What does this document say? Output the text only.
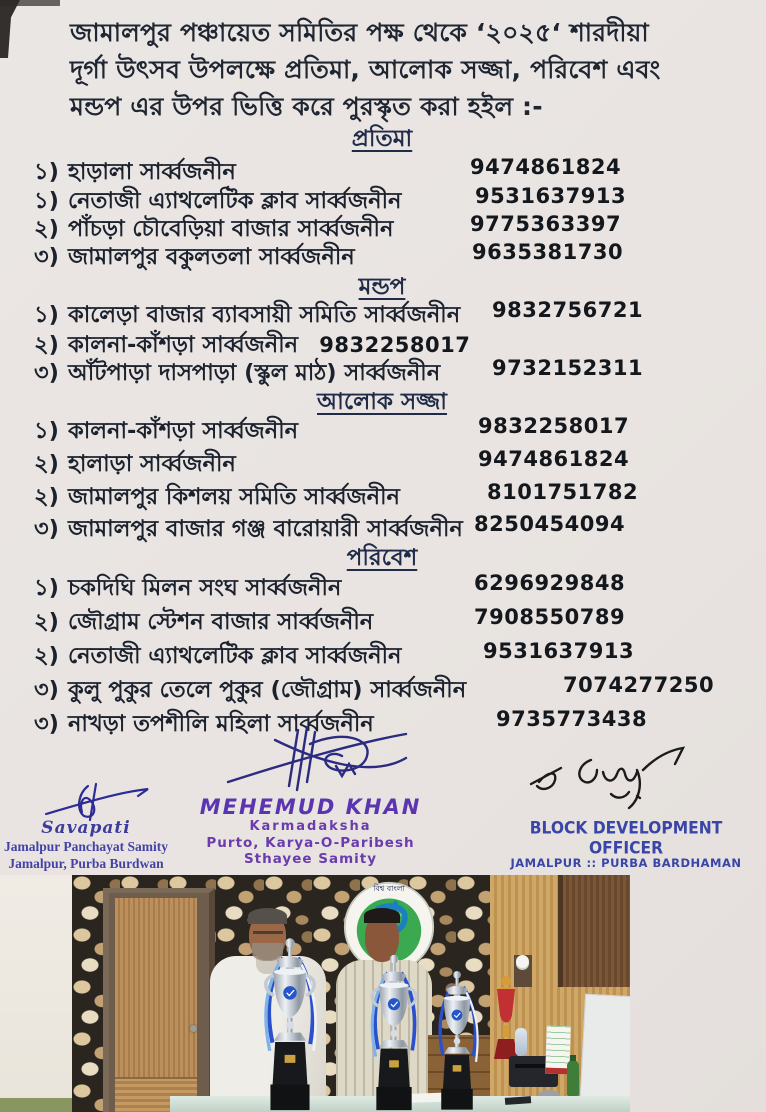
জামালপুর পঞ্চায়েত সমিতির পক্ষ থেকে ‘২০২৫‘ শারদীয়া
দূর্গা উৎসব উপলক্ষে প্রতিমা, আলোক সজ্জা, পরিবেশ এবং
মন্ডপ এর উপর ভিত্তি করে পুরস্কৃত করা হইল :-
প্রতিমা
১) হাড়ালা সার্ব্বজনীন	9474861824
১) নেতাজী এ্যাথলেটিক ক্লাব সার্ব্বজনীন	9531637913
২) পাঁচড়া চৌবেড়িয়া বাজার সার্ব্বজনীন	9775363397
৩) জামালপুর বকুলতলা সার্ব্বজনীন	9635381730
মন্ডপ
১) কালেড়া বাজার ব্যাবসায়ী সমিতি সার্ব্বজনীন 9832756721
২) কালনা-কাঁশড়া সার্ব্বজনীন 9832258017
৩) আঁটপাড়া দাসপাড়া (স্কুল মাঠ) সার্ব্বজনীন 9732152311
আলোক সজ্জা
১) কালনা-কাঁশড়া সার্ব্বজনীন	9832258017
২) হালাড়া সার্ব্বজনীন	9474861824
২) জামালপুর কিশলয় সমিতি সার্ব্বজনীন	8101751782
৩) জামালপুর বাজার গঞ্জ বারোয়ারী সার্ব্বজনীন 8250454094
পরিবেশ
১) চকদিঘি মিলন সংঘ সার্ব্বজনীন	6296929848
২) জৌগ্রাম স্টেশন বাজার সার্ব্বজনীন	7908550789
২) নেতাজী এ্যাথলেটিক ক্লাব সার্ব্বজনীন	9531637913
৩) কুলু পুকুর তেলে পুকুর (জৌগ্রাম) সার্ব্বজনীন	7074277250
৩) নাখড়া তপশীলি মহিলা সার্ব্বজনীন	9735773438
MEHEMUD KHAN
Karmadaksha
Purto, Karya-O-Paribesh
Sthayee Samity
Savapati
Jamalpur Panchayat Samity
Jamalpur, Purba Burdwan
BLOCK DEVELOPMENT OFFICER
JAMALPUR :: PURBA BARDHAMAN
বিশ্ব বাংলা
